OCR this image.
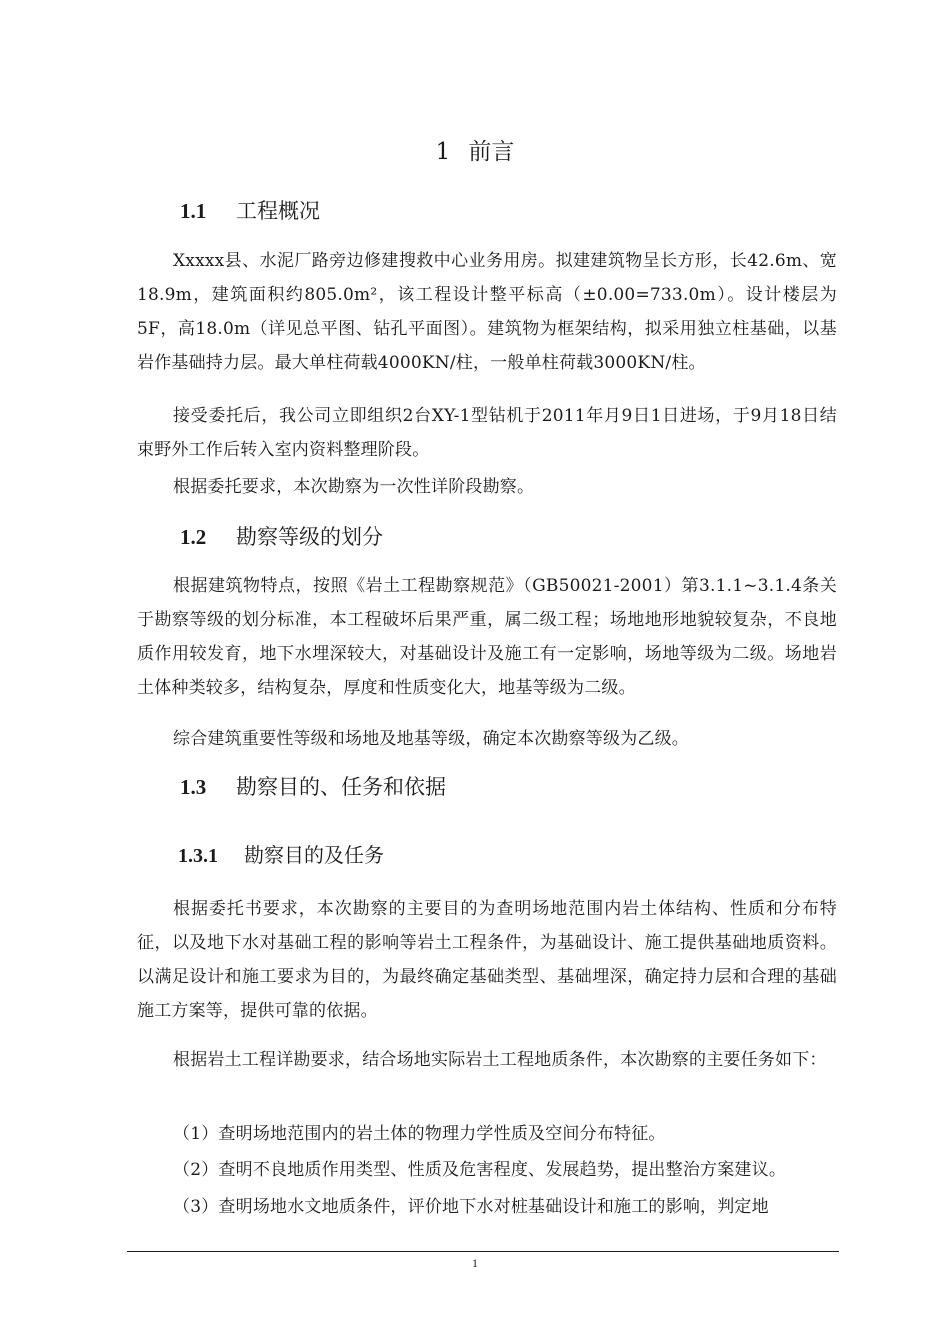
1 前言
1.1 工程概况
Xxxxx县、水泥厂路旁边修建搜救中心业务用房。拟建建筑物呈长方形，长42.6m、宽18.9m，建筑面积约805.0m²，该工程设计整平标高（±0.00=733.0m）。设计楼层为5F，高18.0m（详见总平图、钻孔平面图）。建筑物为框架结构，拟采用独立柱基础，以基岩作基础持力层。最大单柱荷载4000KN/柱，一般单柱荷载3000KN/柱。
接受委托后，我公司立即组织2台XY-1型钻机于2011年月9日1日进场，于9月18日结束野外工作后转入室内资料整理阶段。
根据委托要求，本次勘察为一次性详阶段勘察。
1.2 勘察等级的划分
根据建筑物特点，按照《岩土工程勘察规范》（GB50021-2001）第3.1.1~3.1.4条关于勘察等级的划分标准，本工程破坏后果严重，属二级工程；场地地形地貌较复杂，不良地质作用较发育，地下水埋深较大，对基础设计及施工有一定影响，场地等级为二级。场地岩土体种类较多，结构复杂，厚度和性质变化大，地基等级为二级。
综合建筑重要性等级和场地及地基等级，确定本次勘察等级为乙级。
1.3 勘察目的、任务和依据
1.3.1 勘察目的及任务
根据委托书要求，本次勘察的主要目的为查明场地范围内岩土体结构、性质和分布特征，以及地下水对基础工程的影响等岩土工程条件，为基础设计、施工提供基础地质资料。以满足设计和施工要求为目的，为最终确定基础类型、基础埋深，确定持力层和合理的基础施工方案等，提供可靠的依据。
根据岩土工程详勘要求，结合场地实际岩土工程地质条件，本次勘察的主要任务如下：
（1）查明场地范围内的岩土体的物理力学性质及空间分布特征。
（2）查明不良地质作用类型、性质及危害程度、发展趋势，提出整治方案建议。
（3）查明场地水文地质条件，评价地下水对桩基础设计和施工的影响，判定地
1
